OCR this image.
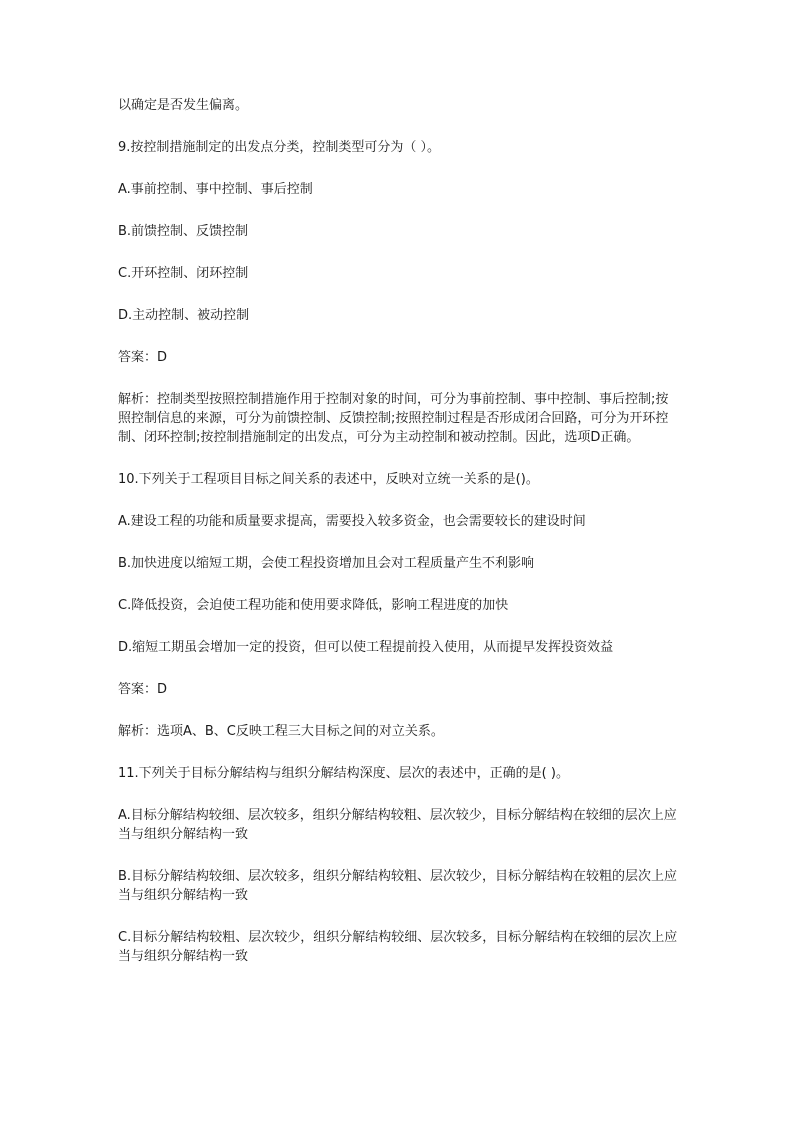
以确定是否发生偏离。

9.按控制措施制定的出发点分类，控制类型可分为（ ）。

A.事前控制、事中控制、事后控制

B.前馈控制、反馈控制

C.开环控制、闭环控制

D.主动控制、被动控制

答案：D

解析：控制类型按照控制措施作用于控制对象的时间，可分为事前控制、事中控制、事后控制;按照控制信息的来源，可分为前馈控制、反馈控制;按照控制过程是否形成闭合回路，可分为开环控制、闭环控制;按控制措施制定的出发点，可分为主动控制和被动控制。因此，选项D正确。

10.下列关于工程项目目标之间关系的表述中，反映对立统一关系的是()。

A.建设工程的功能和质量要求提高，需要投入较多资金，也会需要较长的建设时间

B.加快进度以缩短工期，会使工程投资增加且会对工程质量产生不利影响

C.降低投资，会迫使工程功能和使用要求降低，影响工程进度的加快

D.缩短工期虽会增加一定的投资，但可以使工程提前投入使用，从而提早发挥投资效益

答案：D

解析：选项A、B、C反映工程三大目标之间的对立关系。

11.下列关于目标分解结构与组织分解结构深度、层次的表述中，正确的是( )。

A.目标分解结构较细、层次较多，组织分解结构较粗、层次较少，目标分解结构在较细的层次上应当与组织分解结构一致

B.目标分解结构较细、层次较多，组织分解结构较粗、层次较少，目标分解结构在较粗的层次上应当与组织分解结构一致

C.目标分解结构较粗、层次较少，组织分解结构较细、层次较多，目标分解结构在较细的层次上应当与组织分解结构一致
